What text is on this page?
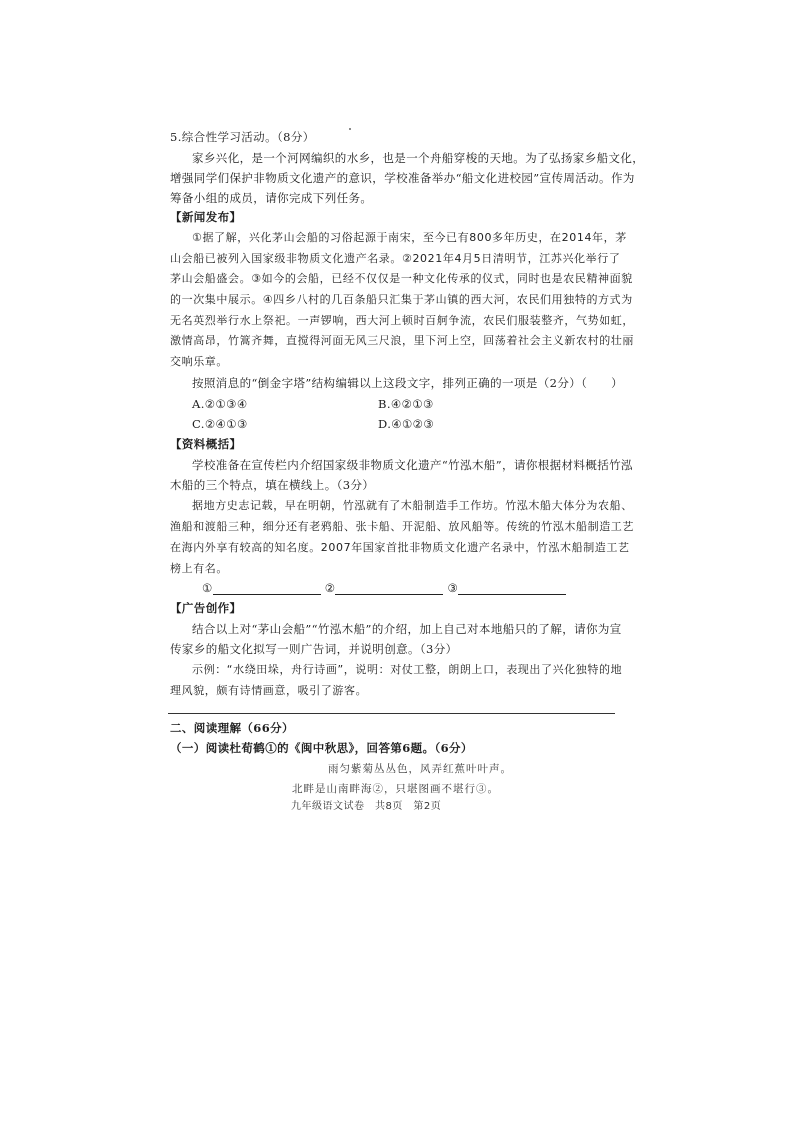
5.综合性学习活动。（8分）
家乡兴化，是一个河网编织的水乡，也是一个舟船穿梭的天地。为了弘扬家乡船文化，
增强同学们保护非物质文化遗产的意识，学校准备举办“船文化进校园”宣传周活动。作为
筹备小组的成员，请你完成下列任务。
【新闻发布】
①据了解，兴化茅山会船的习俗起源于南宋，至今已有800多年历史，在2014年，茅
山会船已被列入国家级非物质文化遗产名录。②2021年4月5日清明节，江苏兴化举行了
茅山会船盛会。③如今的会船，已经不仅仅是一种文化传承的仪式，同时也是农民精神面貌
的一次集中展示。④四乡八村的几百条船只汇集于茅山镇的西大河，农民们用独特的方式为
无名英烈举行水上祭祀。一声锣响，西大河上顿时百舸争流，农民们服装整齐，气势如虹，
激情高昂，竹篙齐舞，直搅得河面无风三尺浪，里下河上空，回荡着社会主义新农村的壮丽
交响乐章。
按照消息的“倒金字塔”结构编辑以上这段文字，排列正确的一项是（2分）（　　）
A.②①③④	B.④②①③
C.②④①③	D.④①②③
【资料概括】
学校准备在宣传栏内介绍国家级非物质文化遗产“竹泓木船”，请你根据材料概括竹泓
木船的三个特点，填在横线上。（3分）
据地方史志记载，早在明朝，竹泓就有了木船制造手工作坊。竹泓木船大体分为农船、
渔船和渡船三种，细分还有老鸦船、张卡船、开泥船、放风船等。传统的竹泓木船制造工艺
在海内外享有较高的知名度。2007年国家首批非物质文化遗产名录中，竹泓木船制造工艺
榜上有名。
①	②	③
【广告创作】
结合以上对“茅山会船”“竹泓木船”的介绍，加上自己对本地船只的了解，请你为宣
传家乡的船文化拟写一则广告词，并说明创意。（3分）
示例：“水绕田垛，舟行诗画”，说明：对仗工整，朗朗上口，表现出了兴化独特的地
理风貌，颇有诗情画意，吸引了游客。
二、阅读理解（66分）
（一）阅读杜荀鹤①的《闽中秋思》，回答第6题。（6分）
雨匀紫菊丛丛色，风弄红蕉叶叶声。
北畔是山南畔海②，只堪图画不堪行③。
九年级语文试卷　共8页　第2页
